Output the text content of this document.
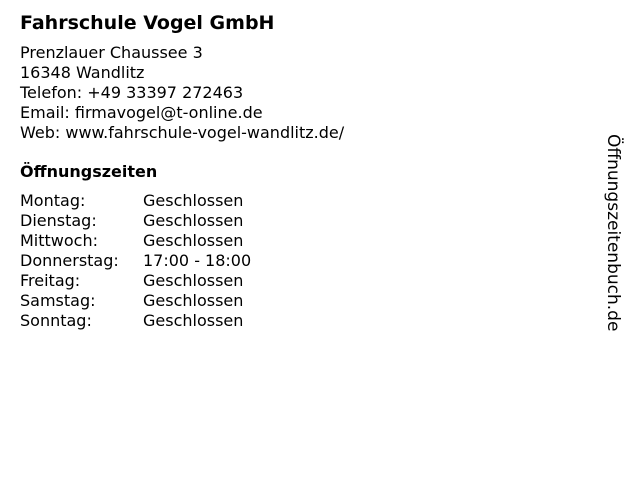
Fahrschule Vogel GmbH
Prenzlauer Chaussee 3
16348 Wandlitz
Telefon: +49 33397 272463
Email: firmavogel@t-online.de
Web: www.fahrschule-vogel-wandlitz.de/
Öffnungszeiten
Montag:	Geschlossen
Dienstag:	Geschlossen
Mittwoch:	Geschlossen
Donnerstag:	17:00 - 18:00
Freitag:	Geschlossen
Samstag:	Geschlossen
Sonntag:	Geschlossen	Öffnungszeitenbuch.de
